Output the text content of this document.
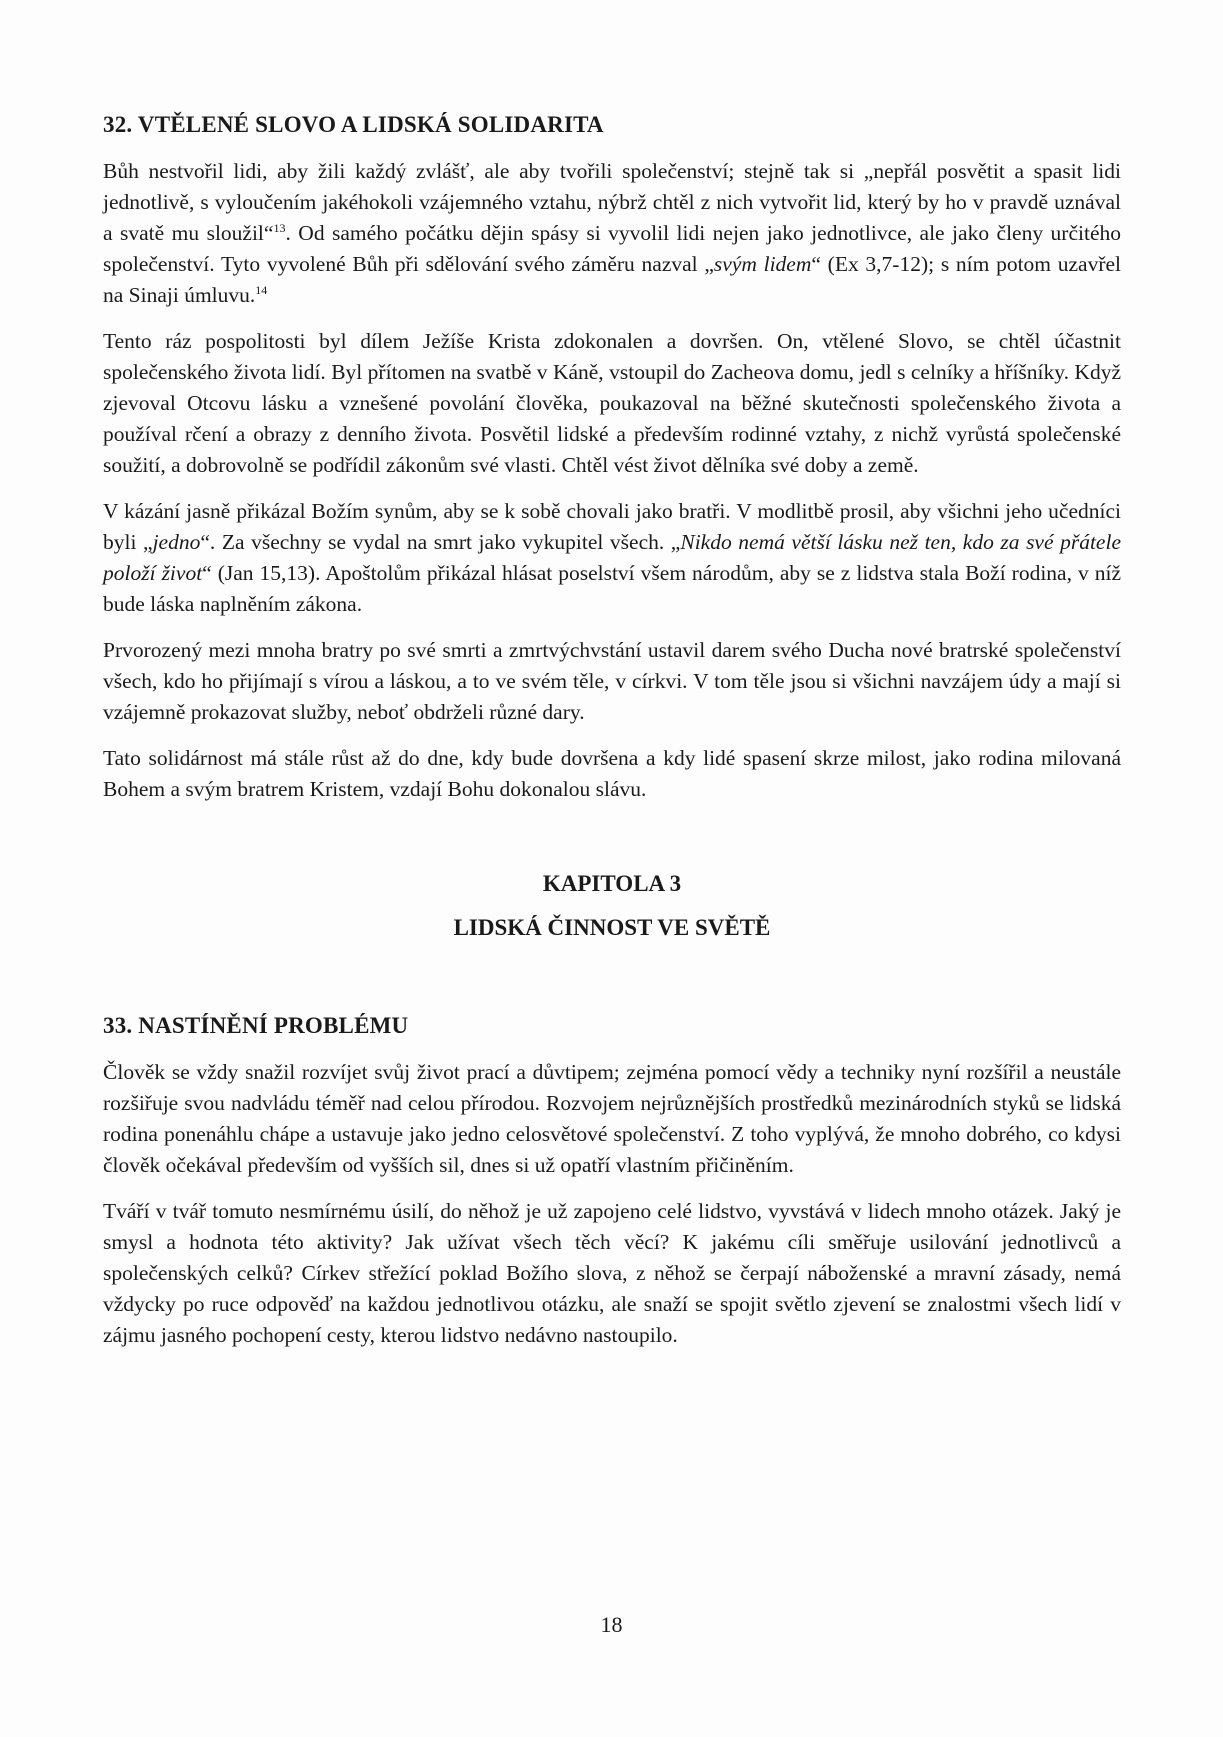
32. VTĚLENÉ SLOVO A LIDSKÁ SOLIDARITA

Bůh nestvořil lidi, aby žili každý zvlášť, ale aby tvořili společenství; stejně tak si „nepřál posvětit a spasit lidi jednotlivě, s vyloučením jakéhokoli vzájemného vztahu, nýbrž chtěl z nich vytvořit lid, který by ho v pravdě uznával a svatě mu sloužil“$^{13}$. Od samého počátku dějin spásy si vyvolil lidi nejen jako jednotlivce, ale jako členy určitého společenství. Tyto vyvolené Bůh při sdělování svého záměru nazval „svým lidem“ (Ex 3,7-12); s ním potom uzavřel na Sinaji úmluvu.$^{14}$

Tento ráz pospolitosti byl dílem Ježíše Krista zdokonalen a dovršen. On, vtělené Slovo, se chtěl účastnit společenského života lidí. Byl přítomen na svatbě v Káně, vstoupil do Zacheova domu, jedl s celníky a hříšníky. Když zjevoval Otcovu lásku a vznešené povolání člověka, poukazoval na běžné skutečnosti společenského života a používal rčení a obrazy z denního života. Posvětil lidské a především rodinné vztahy, z nichž vyrůstá společenské soužití, a dobrovolně se podřídil zákonům své vlasti. Chtěl vést život dělníka své doby a země.

V kázání jasně přikázal Božím synům, aby se k sobě chovali jako bratři. V modlitbě prosil, aby všichni jeho učedníci byli „jedno“. Za všechny se vydal na smrt jako vykupitel všech. „Nikdo nemá větší lásku než ten, kdo za své přátele položí život“ (Jan 15,13). Apoštolům přikázal hlásat poselství všem národům, aby se z lidstva stala Boží rodina, v níž bude láska naplněním zákona.

Prvorozený mezi mnoha bratry po své smrti a zmrtvýchvstání ustavil darem svého Ducha nové bratrské společenství všech, kdo ho přijímají s vírou a láskou, a to ve svém těle, v církvi. V tom těle jsou si všichni navzájem údy a mají si vzájemně prokazovat služby, neboť obdrželi různé dary.

Tato solidárnost má stále růst až do dne, kdy bude dovršena a kdy lidé spasení skrze milost, jako rodina milovaná Bohem a svým bratrem Kristem, vzdají Bohu dokonalou slávu.

KAPITOLA 3
LIDSKÁ ČINNOST VE SVĚTĚ
33. NASTÍNĚNÍ PROBLÉMU

Člověk se vždy snažil rozvíjet svůj život prací a důvtipem; zejména pomocí vědy a techniky nyní rozšířil a neustále rozšiřuje svou nadvládu téměř nad celou přírodou. Rozvojem nejrůznějších prostředků mezinárodních styků se lidská rodina ponenáhlu chápe a ustavuje jako jedno celosvětové společenství. Z toho vyplývá, že mnoho dobrého, co kdysi člověk očekával především od vyšších sil, dnes si už opatří vlastním přičiněním.

Tváří v tvář tomuto nesmírnému úsilí, do něhož je už zapojeno celé lidstvo, vyvstává v lidech mnoho otázek. Jaký je smysl a hodnota této aktivity? Jak užívat všech těch věcí? K jakému cíli směřuje usilování jednotlivců a společenských celků? Církev střežící poklad Božího slova, z něhož se čerpají náboženské a mravní zásady, nemá vždycky po ruce odpověď na každou jednotlivou otázku, ale snaží se spojit světlo zjevení se znalostmi všech lidí v zájmu jasného pochopení cesty, kterou lidstvo nedávno nastoupilo.

18
